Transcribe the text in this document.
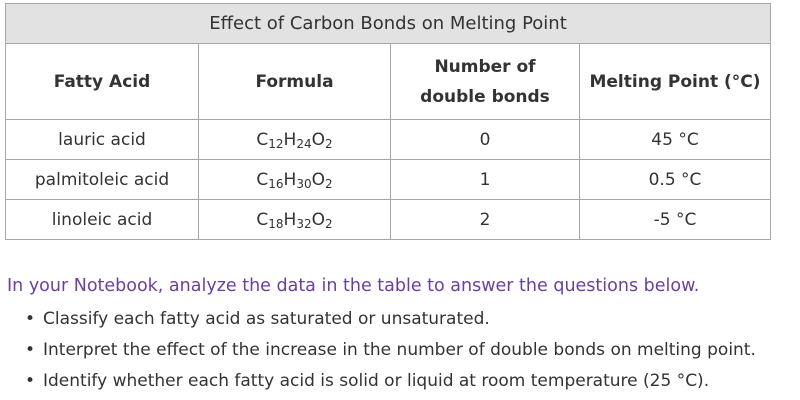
Effect of Carbon Bonds on Melting Point			
Fatty Acid	Formula	Number of double bonds	Melting Point (°C)
lauric acid	$C_{12}H_{24}O_2$	0	45 °C
palmitoleic acid	$C_{16}H_{30}O_2$	1	0.5 °C
linoleic acid	$C_{18}H_{32}O_2$	2	-5 °C

In your Notebook, analyze the data in the table to answer the questions below.

• Classify each fatty acid as saturated or unsaturated.
• Interpret the effect of the increase in the number of double bonds on melting point.
• Identify whether each fatty acid is solid or liquid at room temperature (25 °C).
